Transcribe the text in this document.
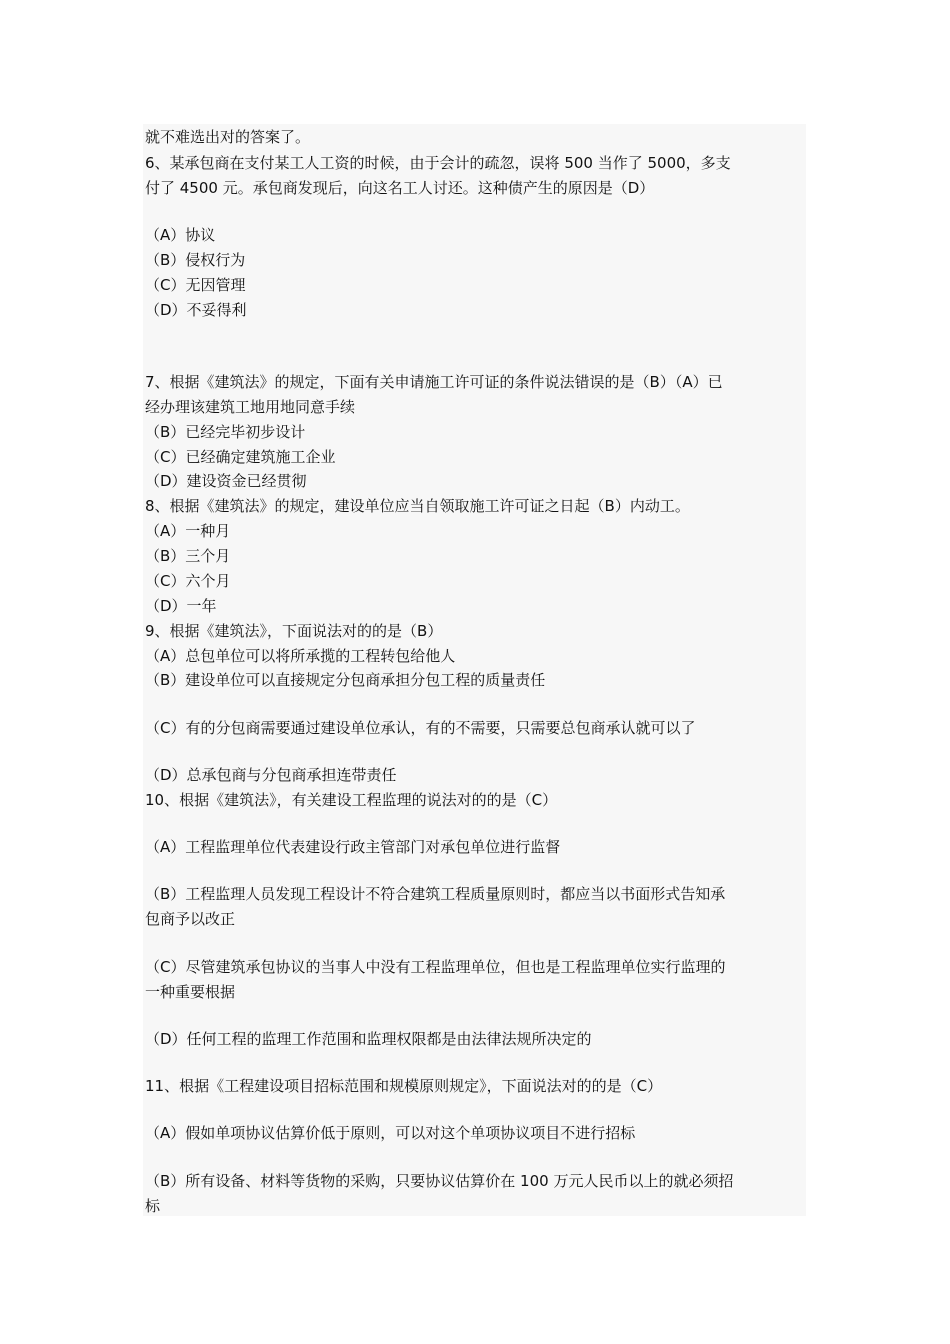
就不难选出对的答案了。
6、某承包商在支付某工人工资的时候，由于会计的疏忽，误将 500 当作了 5000，多支
付了 4500 元。承包商发现后，向这名工人讨还。这种债产生的原因是（D）
（A）协议
（B）侵权行为
（C）无因管理
（D）不妥得利
7、根据《建筑法》的规定，下面有关申请施工许可证的条件说法错误的是（B）（A）已
经办理该建筑工地用地同意手续
（B）已经完毕初步设计
（C）已经确定建筑施工企业
（D）建设资金已经贯彻
8、根据《建筑法》的规定，建设单位应当自领取施工许可证之日起（B）内动工。
（A）一种月
（B）三个月
（C）六个月
（D）一年
9、根据《建筑法》，下面说法对的的是（B）
（A）总包单位可以将所承揽的工程转包给他人
（B）建设单位可以直接规定分包商承担分包工程的质量责任
（C）有的分包商需要通过建设单位承认，有的不需要，只需要总包商承认就可以了
（D）总承包商与分包商承担连带责任
10、根据《建筑法》，有关建设工程监理的说法对的的是（C）
（A）工程监理单位代表建设行政主管部门对承包单位进行监督
（B）工程监理人员发现工程设计不符合建筑工程质量原则时，都应当以书面形式告知承
包商予以改正
（C）尽管建筑承包协议的当事人中没有工程监理单位，但也是工程监理单位实行监理的
一种重要根据
（D）任何工程的监理工作范围和监理权限都是由法律法规所决定的
11、根据《工程建设项目招标范围和规模原则规定》，下面说法对的的是（C）
（A）假如单项协议估算价低于原则，可以对这个单项协议项目不进行招标
（B）所有设备、材料等货物的采购，只要协议估算价在 100 万元人民币以上的就必须招
标
